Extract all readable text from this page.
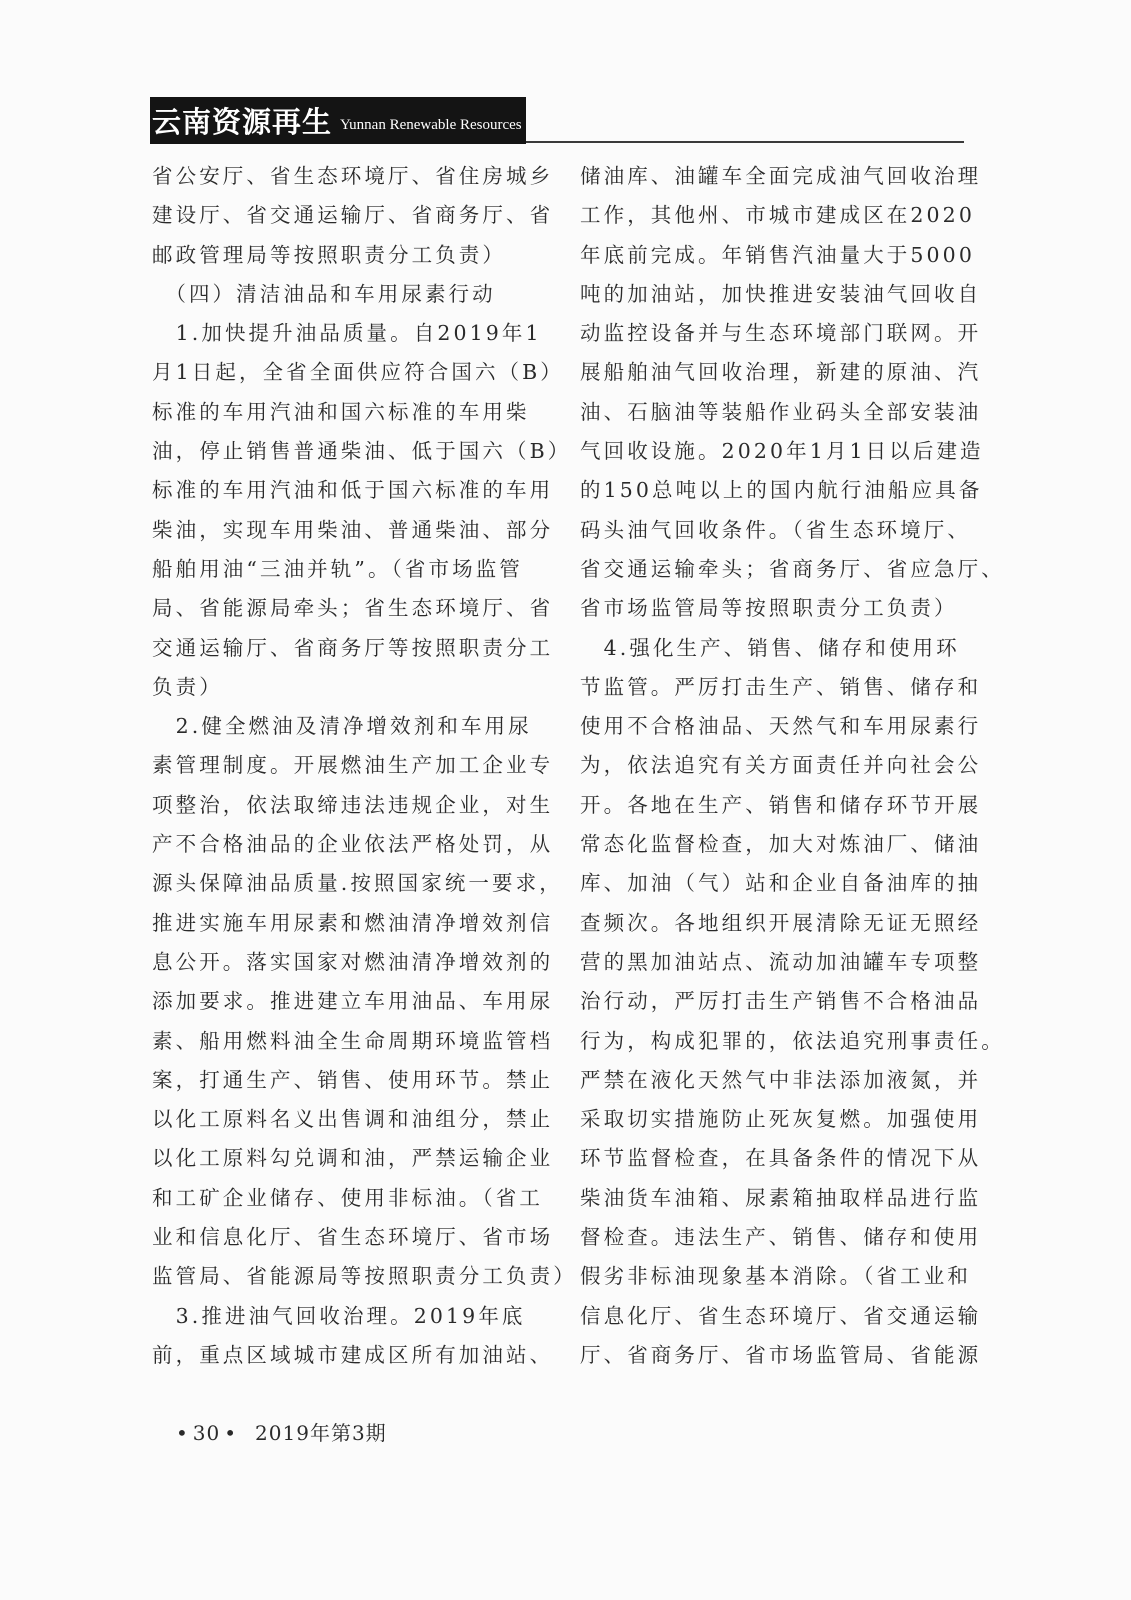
云南资源再生 Yunnan Renewable Resources
省公安厅、省生态环境厅、省住房城乡
建设厅、省交通运输厅、省商务厅、省
邮政管理局等按照职责分工负责）
　（四）清洁油品和车用尿素行动
　1.加快提升油品质量。自2019年1
月1日起，全省全面供应符合国六（B）
标准的车用汽油和国六标准的车用柴
油，停止销售普通柴油、低于国六（B）
标准的车用汽油和低于国六标准的车用
柴油，实现车用柴油、普通柴油、部分
船舶用油“三油并轨”。（省市场监管
局、省能源局牵头；省生态环境厅、省
交通运输厅、省商务厅等按照职责分工
负责）
　2.健全燃油及清净增效剂和车用尿
素管理制度。开展燃油生产加工企业专
项整治，依法取缔违法违规企业，对生
产不合格油品的企业依法严格处罚，从
源头保障油品质量.按照国家统一要求，
推进实施车用尿素和燃油清净增效剂信
息公开。落实国家对燃油清净增效剂的
添加要求。推进建立车用油品、车用尿
素、船用燃料油全生命周期环境监管档
案，打通生产、销售、使用环节。禁止
以化工原料名义出售调和油组分，禁止
以化工原料勾兑调和油，严禁运输企业
和工矿企业储存、使用非标油。（省工
业和信息化厅、省生态环境厅、省市场
监管局、省能源局等按照职责分工负责）
　3.推进油气回收治理。2019年底
前，重点区域城市建成区所有加油站、
储油库、油罐车全面完成油气回收治理
工作，其他州、市城市建成区在2020
年底前完成。年销售汽油量大于5000
吨的加油站，加快推进安装油气回收自
动监控设备并与生态环境部门联网。开
展船舶油气回收治理，新建的原油、汽
油、石脑油等装船作业码头全部安装油
气回收设施。2020年1月1日以后建造
的150总吨以上的国内航行油船应具备
码头油气回收条件。（省生态环境厅、
省交通运输牵头；省商务厅、省应急厅、
省市场监管局等按照职责分工负责）
　4.强化生产、销售、储存和使用环
节监管。严厉打击生产、销售、储存和
使用不合格油品、天然气和车用尿素行
为，依法追究有关方面责任并向社会公
开。各地在生产、销售和储存环节开展
常态化监督检查，加大对炼油厂、储油
库、加油（气）站和企业自备油库的抽
查频次。各地组织开展清除无证无照经
营的黑加油站点、流动加油罐车专项整
治行动，严厉打击生产销售不合格油品
行为，构成犯罪的，依法追究刑事责任。
严禁在液化天然气中非法添加液氮，并
采取切实措施防止死灰复燃。加强使用
环节监督检查，在具备条件的情况下从
柴油货车油箱、尿素箱抽取样品进行监
督检查。违法生产、销售、储存和使用
假劣非标油现象基本消除。（省工业和
信息化厅、省生态环境厅、省交通运输
厅、省商务厅、省市场监管局、省能源
• 30 • 2019年第3期
